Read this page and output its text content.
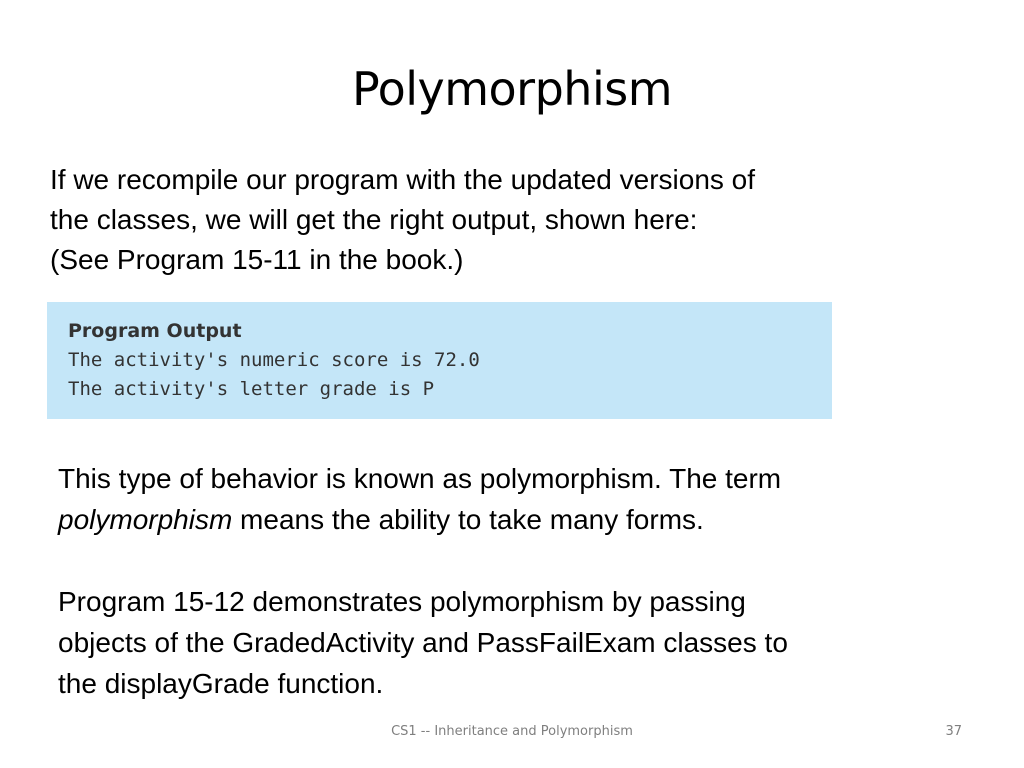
Polymorphism

If we recompile our program with the updated versions of
the classes, we will get the right output, shown here:
(See Program 15-11 in the book.)

Program Output
The activity's numeric score is 72.0
The activity's letter grade is P
This type of behavior is known as polymorphism. The term
polymorphism means the ability to take many forms.
Program 15-12 demonstrates polymorphism by passing
objects of the GradedActivity and PassFailExam classes to
the displayGrade function.
CS1 -- Inheritance and Polymorphism	37
